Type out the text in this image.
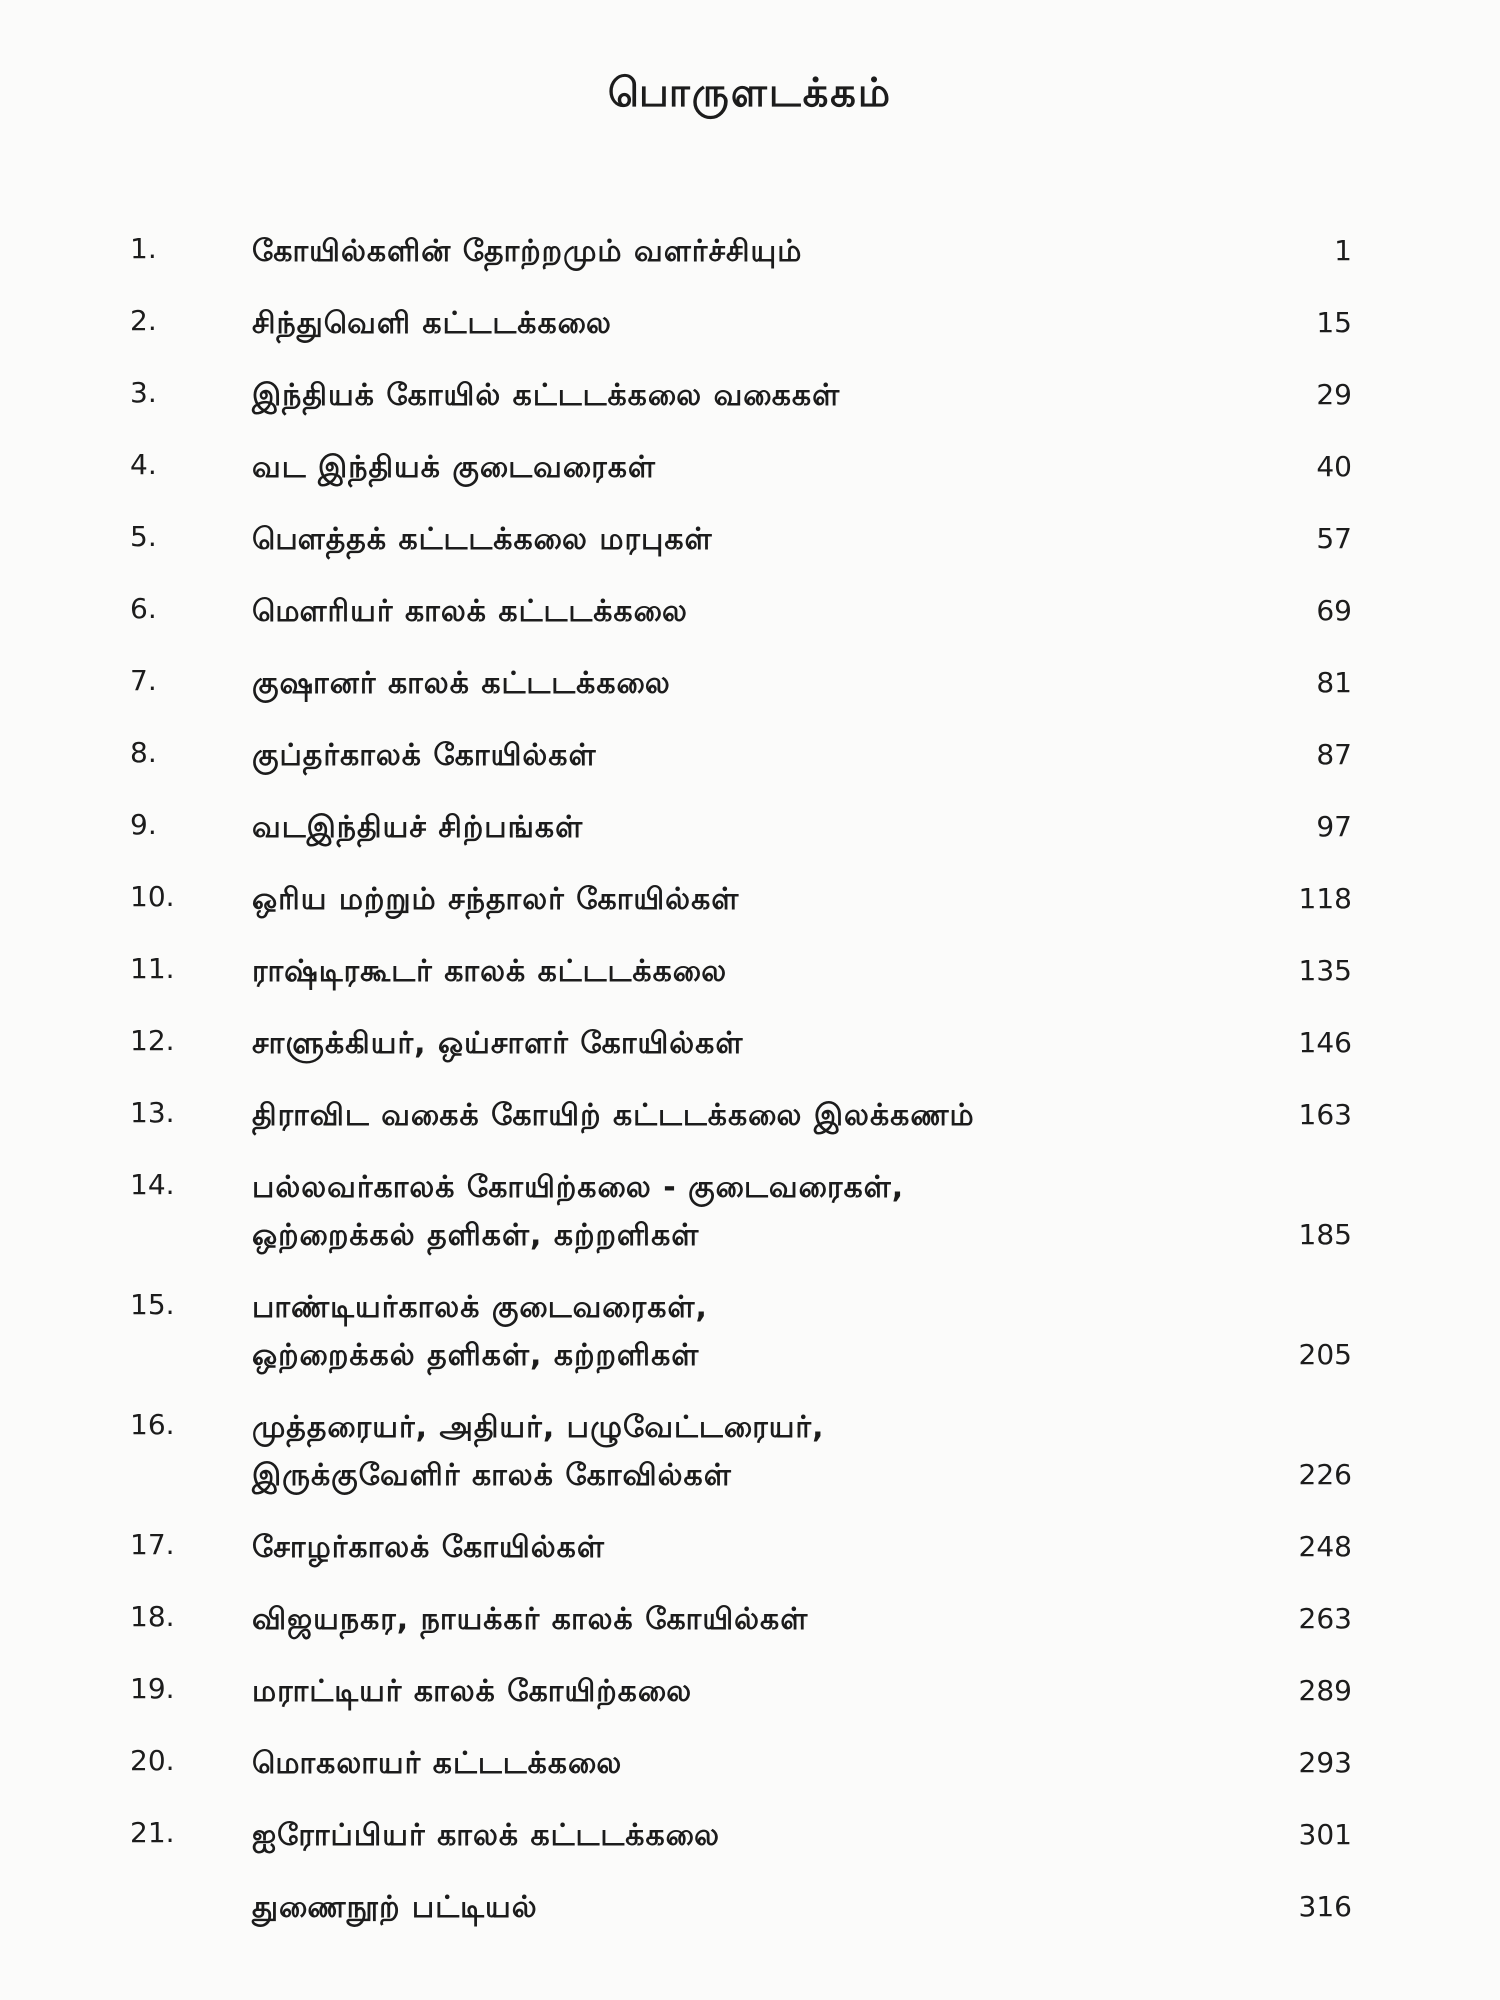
பொருளடக்கம்
1.	கோயில்களின் தோற்றமும் வளர்ச்சியும்	1
2.	சிந்துவெளி கட்டடக்கலை	15
3.	இந்தியக் கோயில் கட்டடக்கலை வகைகள்	29
4.	வட இந்தியக் குடைவரைகள்	40
5.	பௌத்தக் கட்டடக்கலை மரபுகள்	57
6.	மௌரியர் காலக் கட்டடக்கலை	69
7.	குஷானர் காலக் கட்டடக்கலை	81
8.	குப்தர்காலக் கோயில்கள்	87
9.	வடஇந்தியச் சிற்பங்கள்	97
10.	ஒரிய மற்றும் சந்தாலர் கோயில்கள்	118
11.	ராஷ்டிரகூடர் காலக் கட்டடக்கலை	135
12.	சாளுக்கியர், ஒய்சாளர் கோயில்கள்	146
13.	திராவிட வகைக் கோயிற் கட்டடக்கலை இலக்கணம்	163
14.	பல்லவர்காலக் கோயிற்கலை - குடைவரைகள்,
ஒற்றைக்கல் தளிகள், கற்றளிகள்	185
15.	பாண்டியர்காலக் குடைவரைகள்,
ஒற்றைக்கல் தளிகள், கற்றளிகள்	205
16.	முத்தரையர், அதியர், பழுவேட்டரையர்,
இருக்குவேளிர் காலக் கோவில்கள்	226
17.	சோழர்காலக் கோயில்கள்	248
18.	விஜயநகர, நாயக்கர் காலக் கோயில்கள்	263
19.	மராட்டியர் காலக் கோயிற்கலை	289
20.	மொகலாயர் கட்டடக்கலை	293
21.	ஐரோப்பியர் காலக் கட்டடக்கலை	301
துணைநூற் பட்டியல்	316
